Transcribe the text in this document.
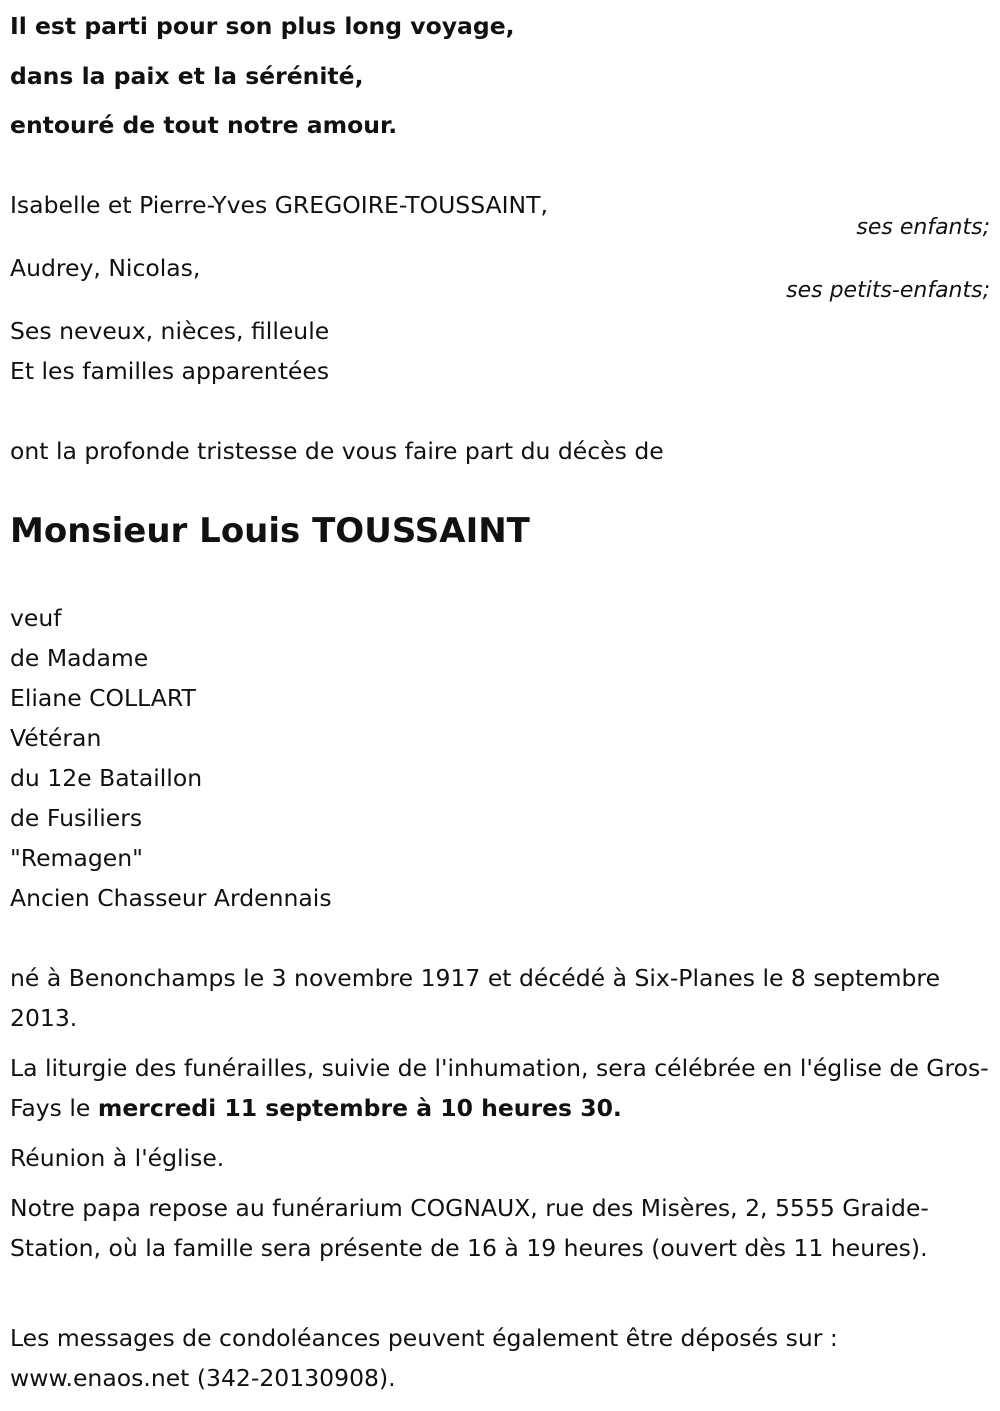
Il est parti pour son plus long voyage,
dans la paix et la sérénité,
entouré de tout notre amour.
Isabelle et Pierre-Yves GREGOIRE-TOUSSAINT,
ses enfants;
Audrey, Nicolas,
ses petits-enfants;
Ses neveux, nièces, filleule
Et les familles apparentées
ont la profonde tristesse de vous faire part du décès de
Monsieur Louis TOUSSAINT
veuf
de Madame
Eliane COLLART
Vétéran
du 12e Bataillon
de Fusiliers
"Remagen"
Ancien Chasseur Ardennais
né à Benonchamps le 3 novembre 1917 et décédé à Six-Planes le 8 septembre 2013.
La liturgie des funérailles, suivie de l'inhumation, sera célébrée en l'église de Gros-Fays le mercredi 11 septembre à 10 heures 30.
Réunion à l'église.
Notre papa repose au funérarium COGNAUX, rue des Misères, 2, 5555 Graide-Station, où la famille sera présente de 16 à 19 heures (ouvert dès 11 heures).
Les messages de condoléances peuvent également être déposés sur : www.enaos.net (342-20130908).
